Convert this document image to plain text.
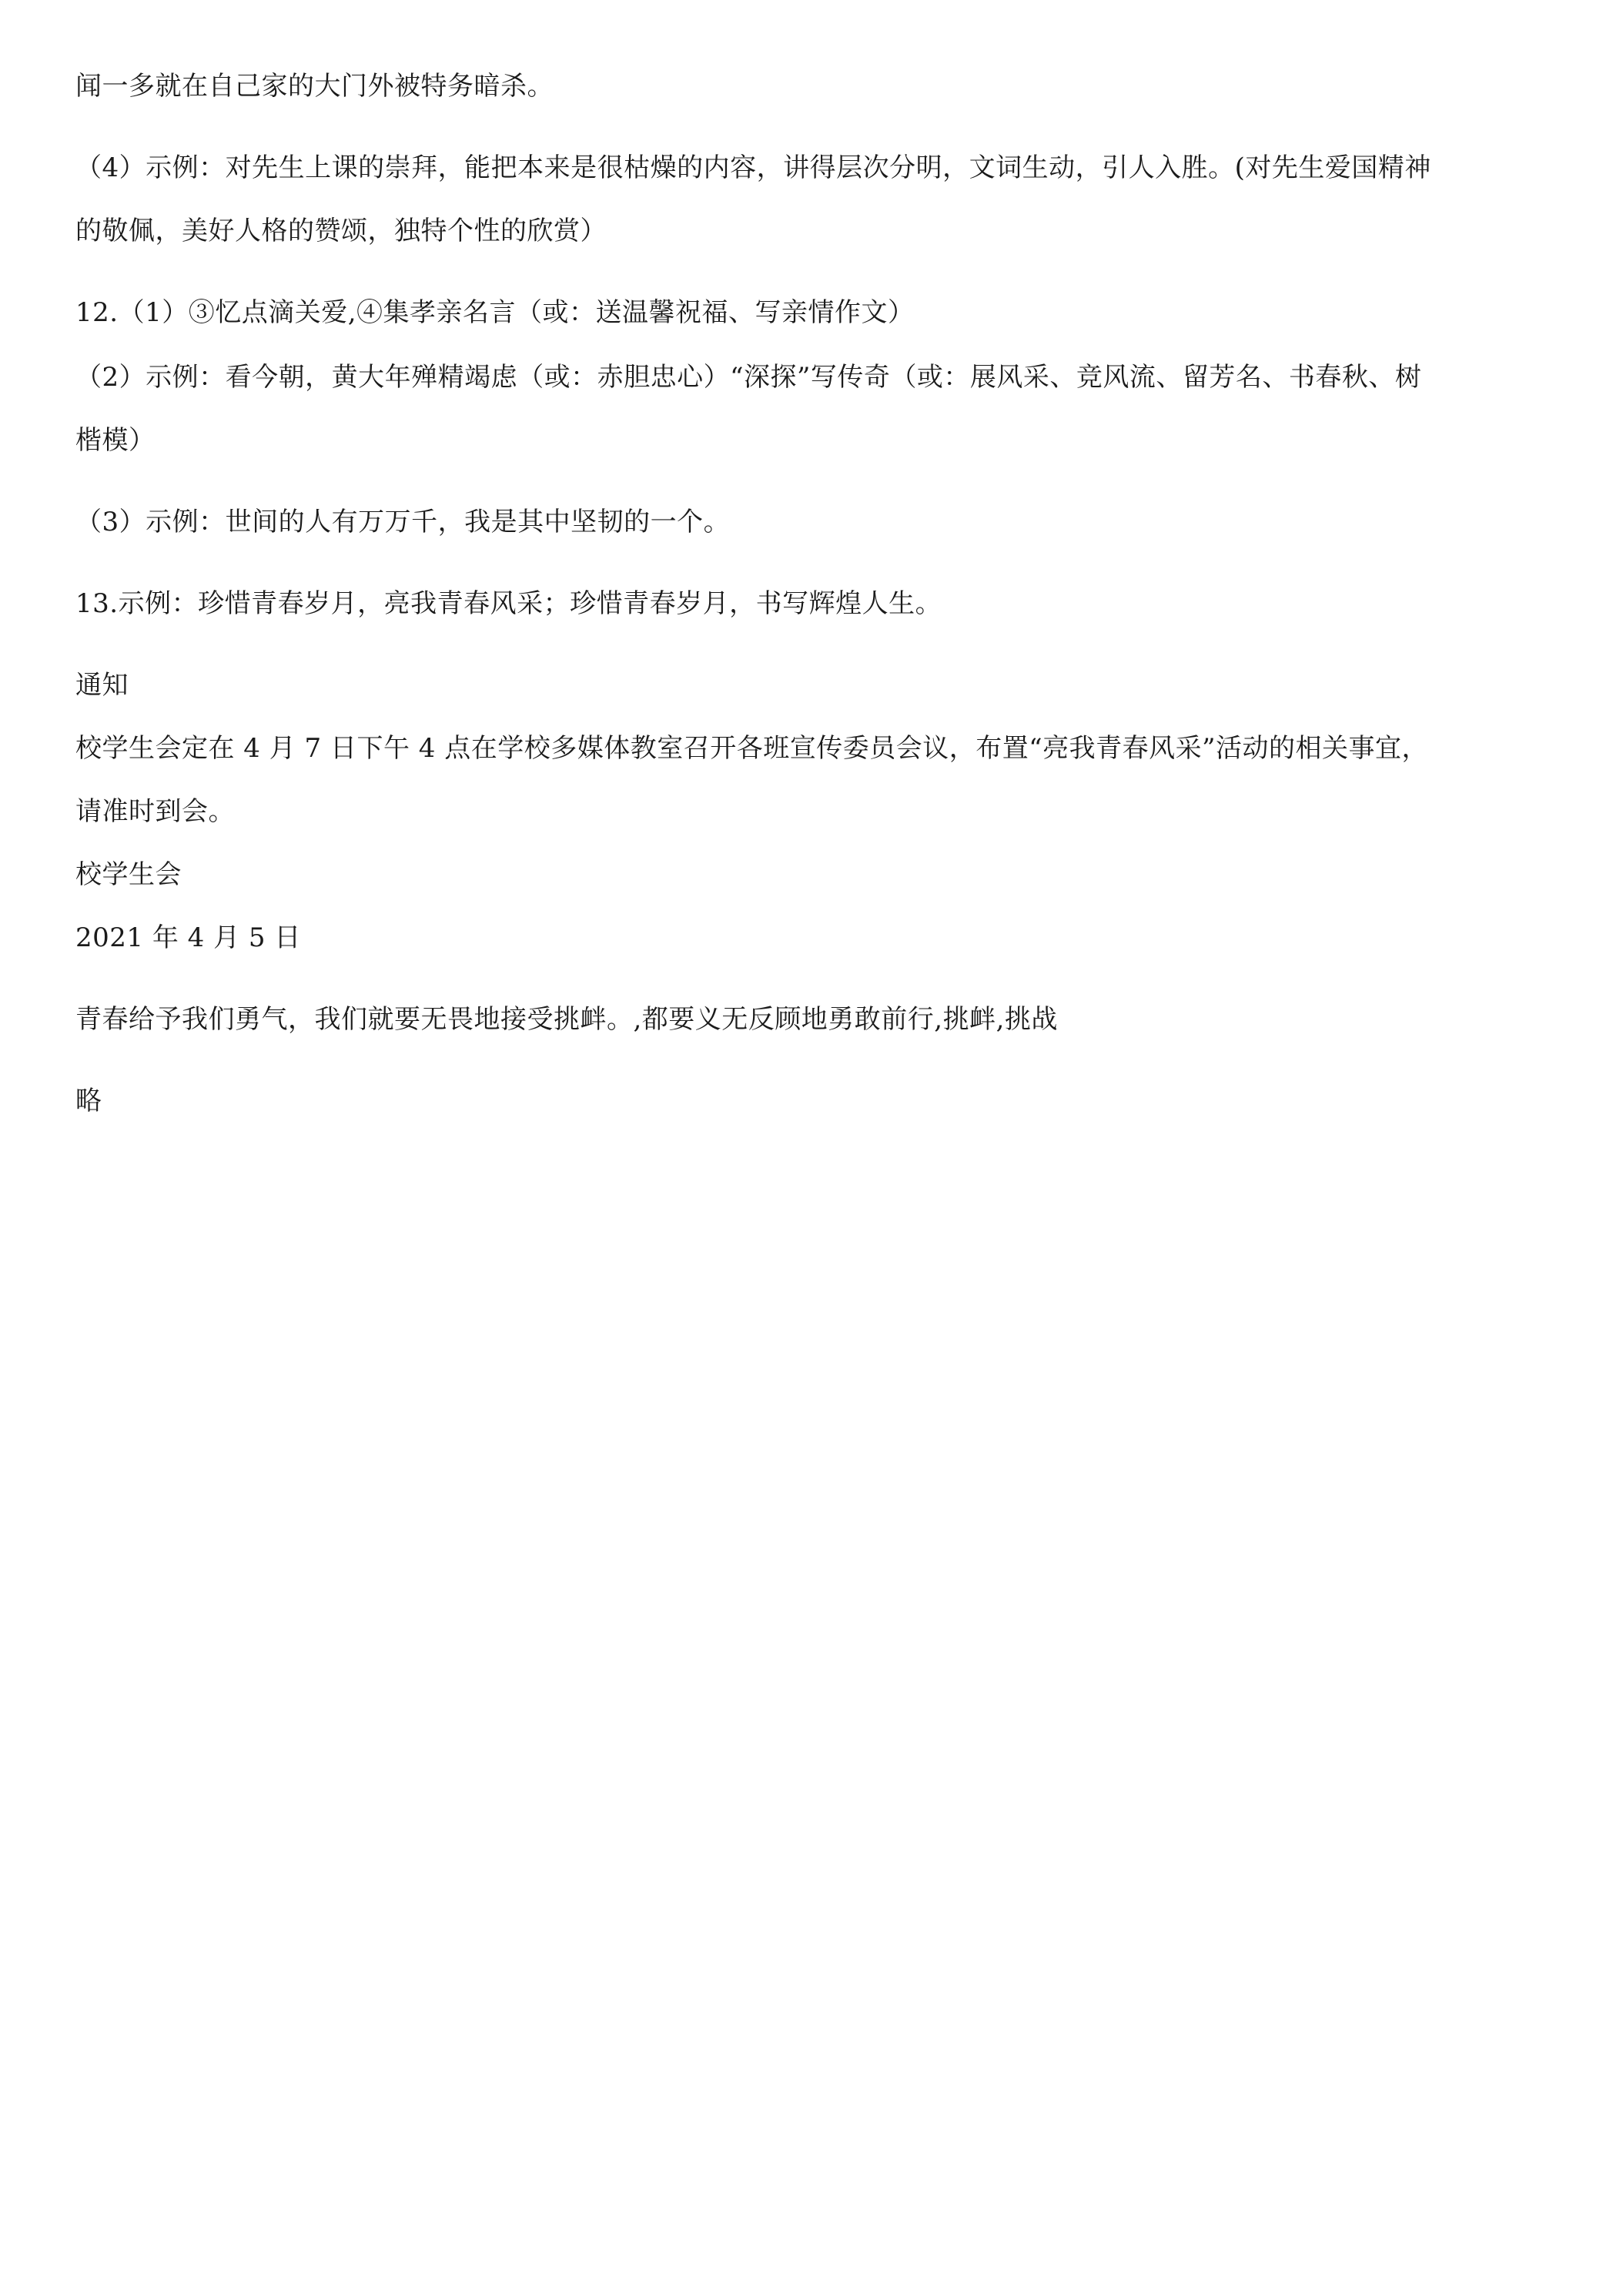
闻一多就在自己家的大门外被特务暗杀。
（4）示例：对先生上课的崇拜，能把本来是很枯燥的内容，讲得层次分明，文词生动，引人入胜。(对先生爱国精神
的敬佩，美好人格的赞颂，独特个性的欣赏）
12.（1）③忆点滴关爱,④集孝亲名言（或：送温馨祝福、写亲情作文）
（2）示例：看今朝，黄大年殚精竭虑（或：赤胆忠心）“深探”写传奇（或：展风采、竞风流、留芳名、书春秋、树
楷模）
（3）示例：世间的人有万万千，我是其中坚韧的一个。
13.示例：珍惜青春岁月，亮我青春风采；珍惜青春岁月，书写辉煌人生。
通知
校学生会定在 4 月 7 日下午 4 点在学校多媒体教室召开各班宣传委员会议，布置“亮我青春风采”活动的相关事宜，
请准时到会。
校学生会
2021 年 4 月 5 日
青春给予我们勇气，我们就要无畏地接受挑衅。,都要义无反顾地勇敢前行,挑衅,挑战
略
